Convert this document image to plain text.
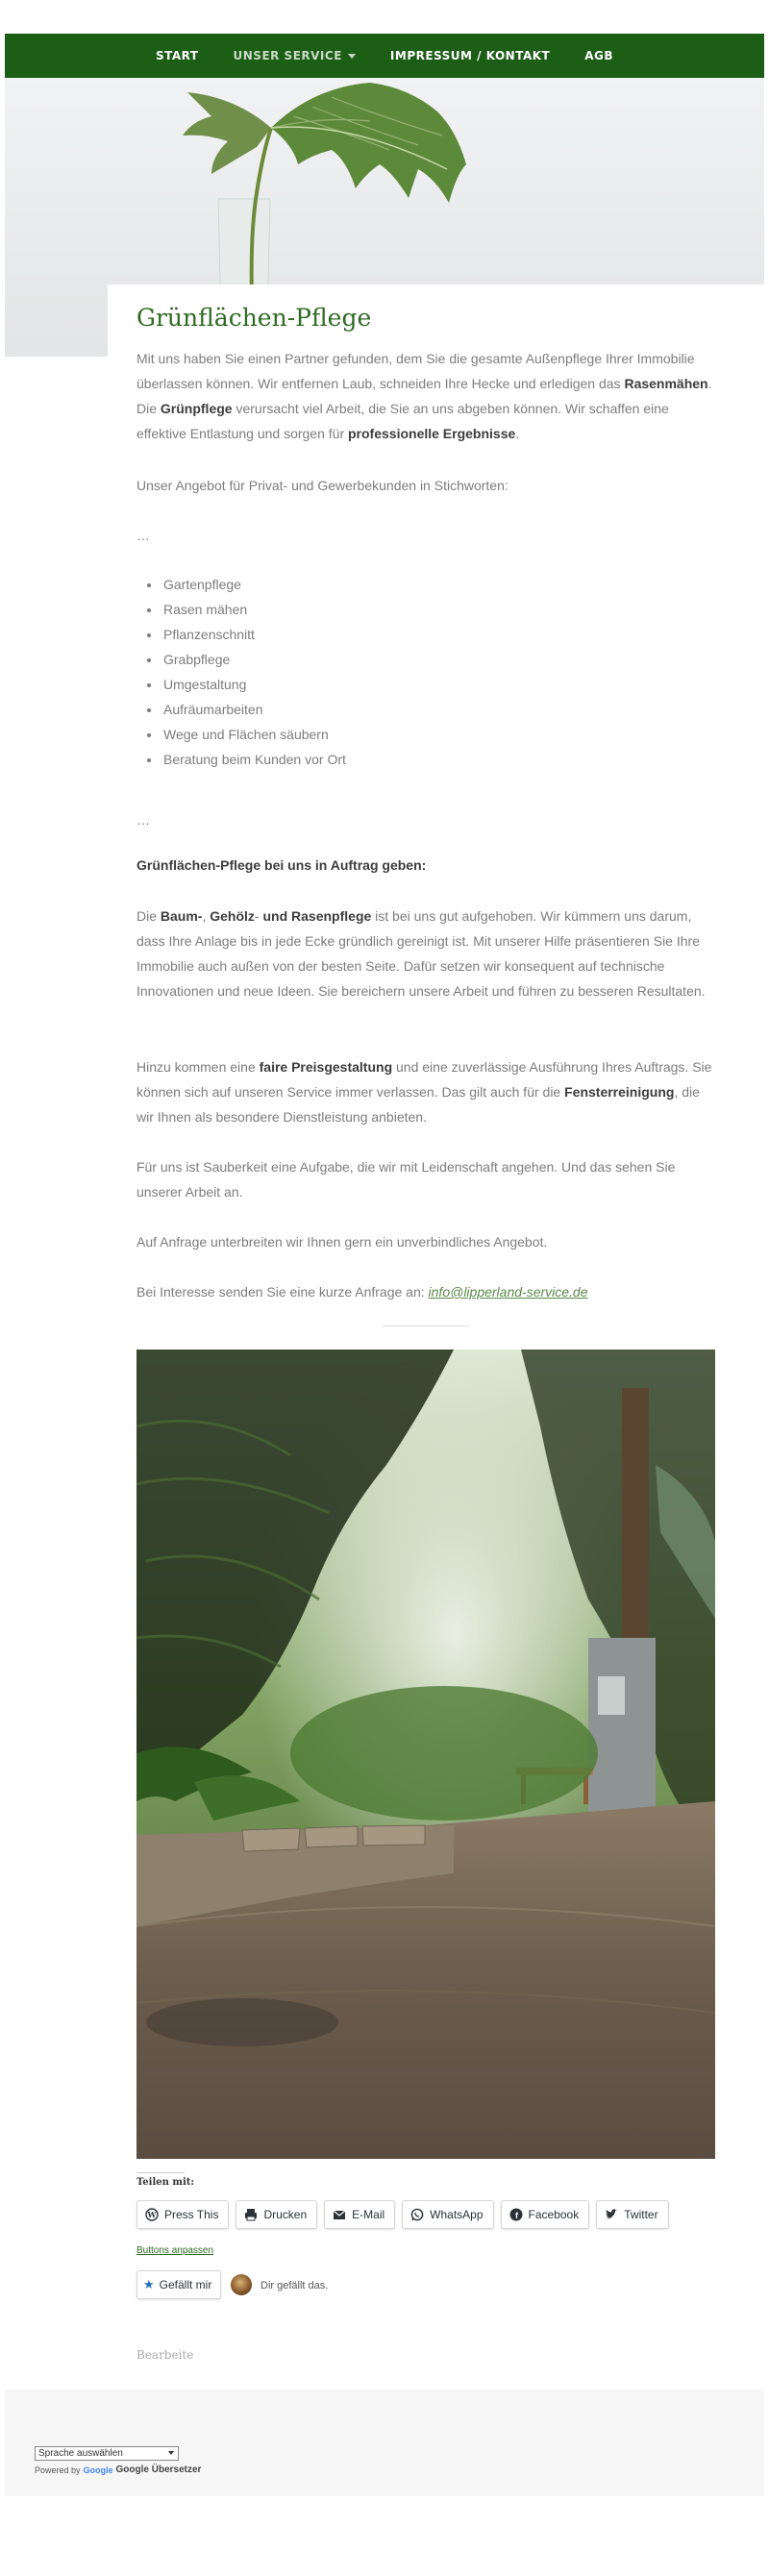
START	UNSER SERVICE	IMPRESSUM / KONTAKT	AGB
Grünflächen-Pflege

Mit uns haben Sie einen Partner gefunden, dem Sie die gesamte Außenpflege Ihrer Immobilie überlassen können. Wir entfernen Laub, schneiden Ihre Hecke und erledigen das Rasenmähen. Die Grünpflege verursacht viel Arbeit, die Sie an uns abgeben können. Wir schaffen eine effektive Entlastung und sorgen für professionelle Ergebnisse.

Unser Angebot für Privat- und Gewerbekunden in Stichworten:

…

• Gartenpflege
• Rasen mähen
• Pflanzenschnitt
• Grabpflege
• Umgestaltung
• Aufräumarbeiten
• Wege und Flächen säubern
• Beratung beim Kunden vor Ort

…

Grünflächen-Pflege bei uns in Auftrag geben:

Die Baum-, Gehölz- und Rasenpflege ist bei uns gut aufgehoben. Wir kümmern uns darum, dass Ihre Anlage bis in jede Ecke gründlich gereinigt ist. Mit unserer Hilfe präsentieren Sie Ihre Immobilie auch außen von der besten Seite. Dafür setzen wir konsequent auf technische Innovationen und neue Ideen. Sie bereichern unsere Arbeit und führen zu besseren Resultaten.

Hinzu kommen eine faire Preisgestaltung und eine zuverlässige Ausführung Ihres Auftrags. Sie können sich auf unseren Service immer verlassen. Das gilt auch für die Fensterreinigung, die wir Ihnen als besondere Dienstleistung anbieten.

Für uns ist Sauberkeit eine Aufgabe, die wir mit Leidenschaft angehen. Und das sehen Sie unserer Arbeit an.

Auf Anfrage unterbreiten wir Ihnen gern ein unverbindliches Angebot.

Bei Interesse senden Sie eine kurze Anfrage an: info@lipperland-service.de

Teilen mit:
W Press This	Drucken	E-Mail	WhatsApp	f Facebook	Twitter
Buttons anpassen
★ Gefällt mir	Dir gefällt das.
Bearbeite
Sprache auswählen
Powered by Google Google Übersetzer
